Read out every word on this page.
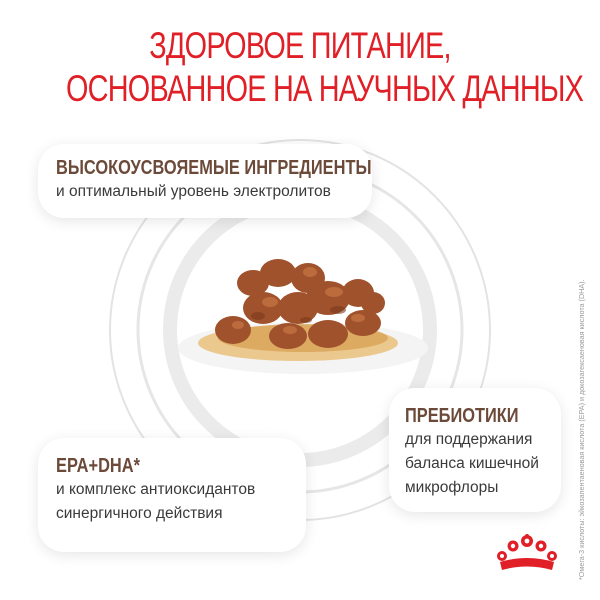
ЗДОРОВОЕ ПИТАНИЕ,
ОСНОВАННОЕ НА НАУЧНЫХ ДАННЫХ
ВЫСОКОУСВОЯЕМЫЕ ИНГРЕДИЕНТЫ
и оптимальный уровень электролитов
ПРЕБИОТИКИ
для поддержания
баланса кишечной
микрофлоры
EPA+DHA*
и комплекс антиоксидантов
синергичного действия	*Омега-3 кислоты: эйкозапентаеновая кислота (EPA) и докозагексаеновая кислота (DHA).
